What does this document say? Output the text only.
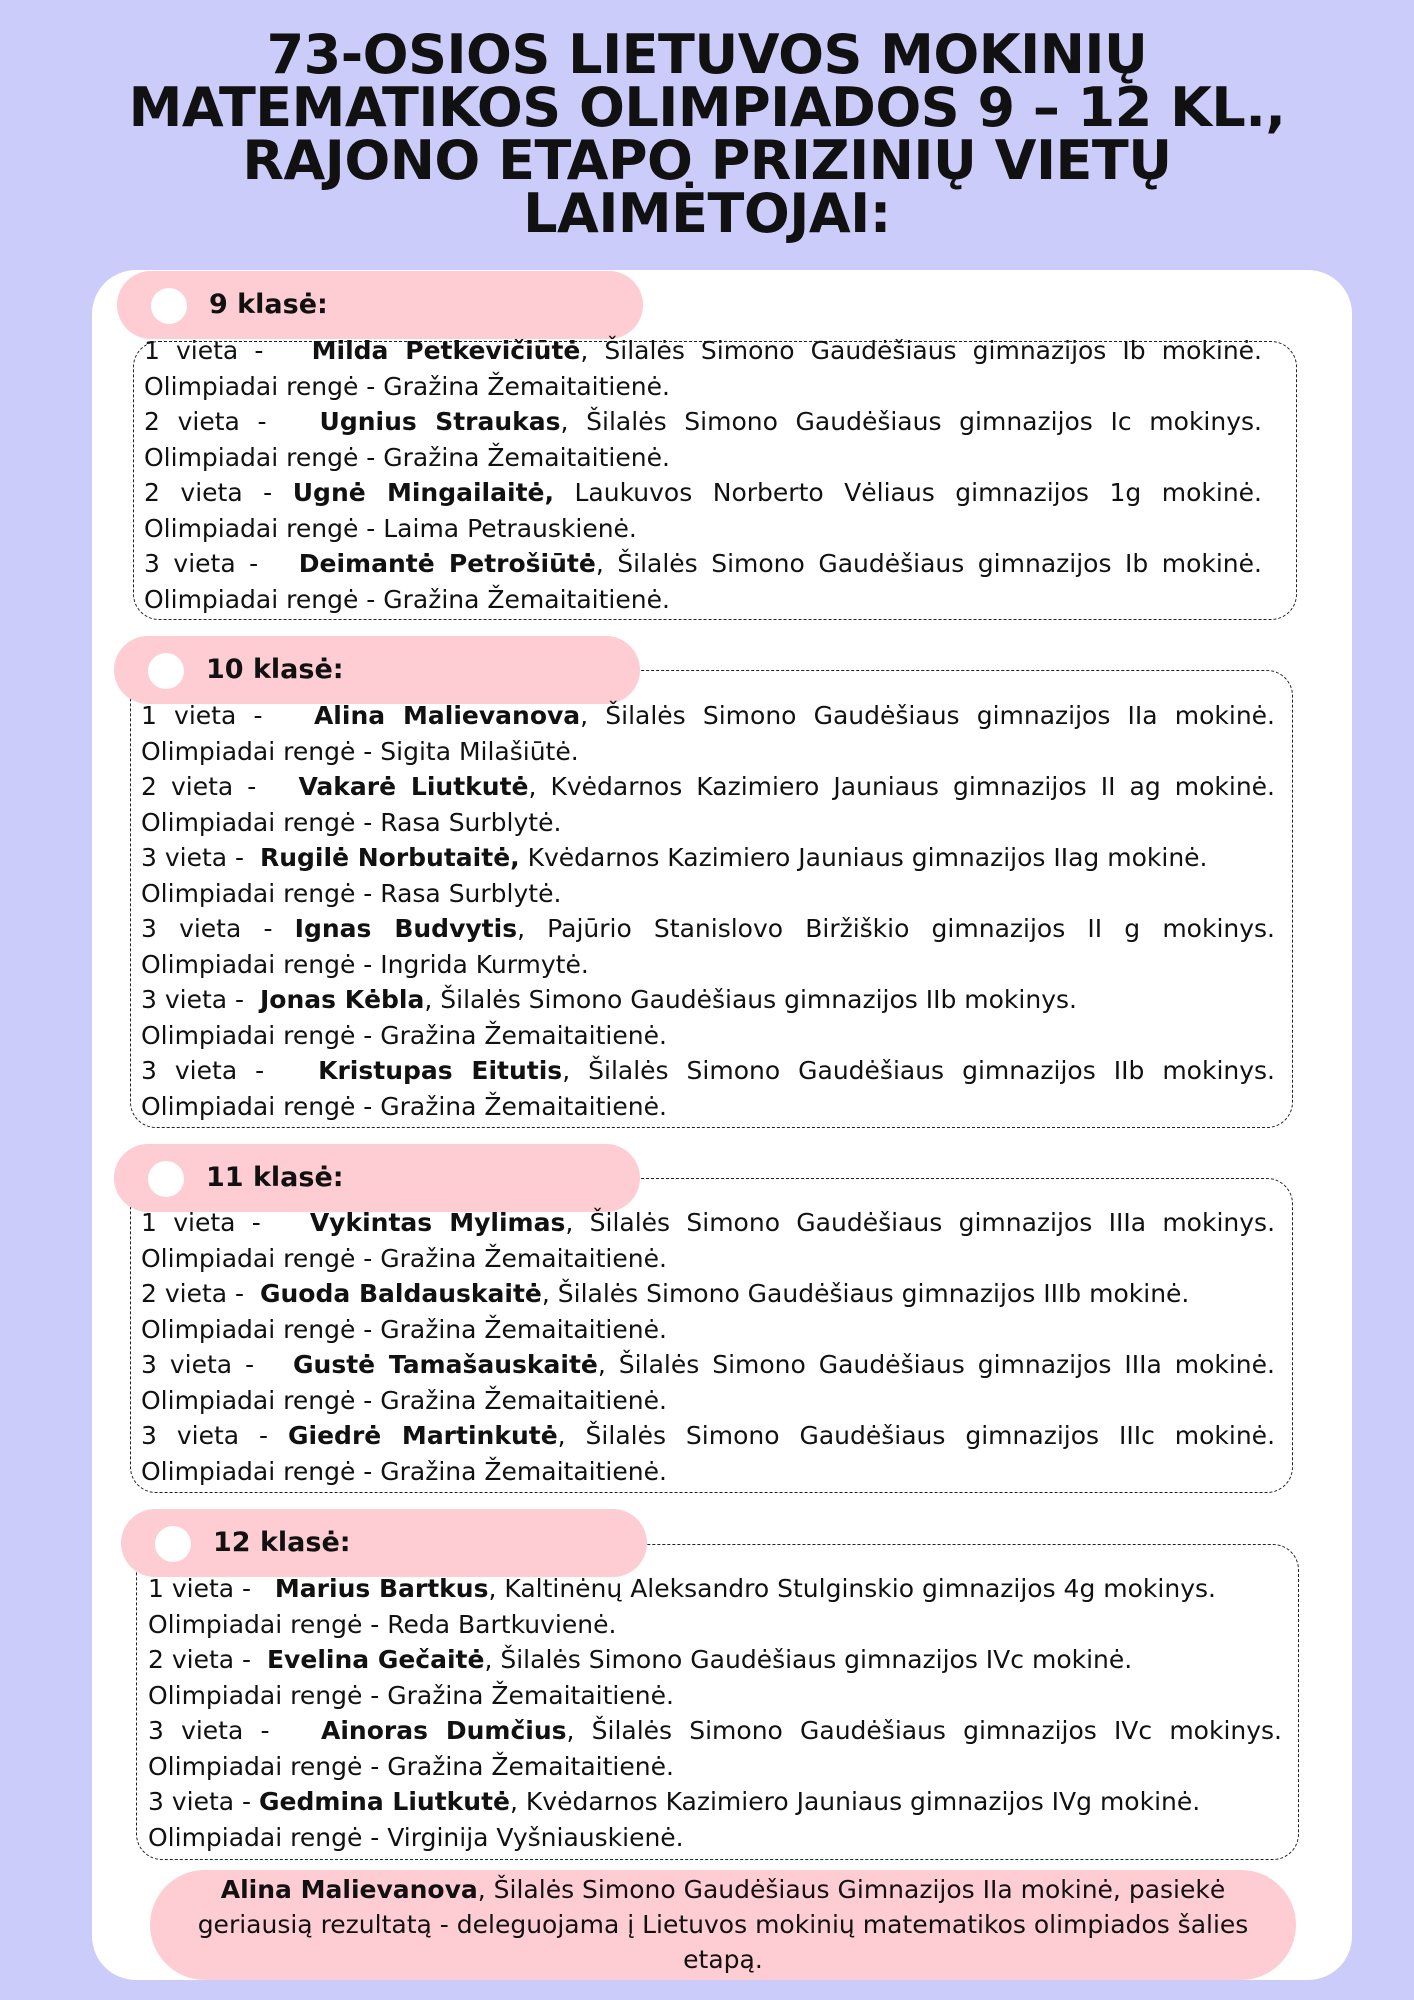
73-OSIOS LIETUVOS MOKINIŲ
MATEMATIKOS OLIMPIADOS 9 – 12 KL.,
RAJONO ETAPO PRIZINIŲ VIETŲ
LAIMĖTOJAI:
9 klasė:
1 vieta - Milda Petkevičiūtė, Šilalės Simono Gaudėšiaus gimnazijos Ib mokinė.
Olimpiadai rengė - Gražina Žemaitaitienė.
2 vieta - Ugnius Straukas, Šilalės Simono Gaudėšiaus gimnazijos Ic mokinys.
Olimpiadai rengė - Gražina Žemaitaitienė.
2 vieta - Ugnė Mingailaitė, Laukuvos Norberto Vėliaus gimnazijos 1g mokinė.
Olimpiadai rengė - Laima Petrauskienė.
3 vieta - Deimantė Petrošiūtė, Šilalės Simono Gaudėšiaus gimnazijos Ib mokinė.
Olimpiadai rengė - Gražina Žemaitaitienė.
10 klasė:
1 vieta - Alina Malievanova, Šilalės Simono Gaudėšiaus gimnazijos IIa mokinė.
Olimpiadai rengė - Sigita Milašiūtė.
2 vieta - Vakarė Liutkutė, Kvėdarnos Kazimiero Jauniaus gimnazijos II ag mokinė.
Olimpiadai rengė - Rasa Surblytė.
3 vieta - Rugilė Norbutaitė, Kvėdarnos Kazimiero Jauniaus gimnazijos IIag mokinė.
Olimpiadai rengė - Rasa Surblytė.
3 vieta - Ignas Budvytis, Pajūrio Stanislovo Biržiškio gimnazijos II g mokinys.
Olimpiadai rengė - Ingrida Kurmytė.
3 vieta - Jonas Kėbla, Šilalės Simono Gaudėšiaus gimnazijos IIb mokinys.
Olimpiadai rengė - Gražina Žemaitaitienė.
3 vieta - Kristupas Eitutis, Šilalės Simono Gaudėšiaus gimnazijos IIb mokinys.
Olimpiadai rengė - Gražina Žemaitaitienė.
11 klasė:
1 vieta - Vykintas Mylimas, Šilalės Simono Gaudėšiaus gimnazijos IIIa mokinys.
Olimpiadai rengė - Gražina Žemaitaitienė.
2 vieta - Guoda Baldauskaitė, Šilalės Simono Gaudėšiaus gimnazijos IIIb mokinė.
Olimpiadai rengė - Gražina Žemaitaitienė.
3 vieta - Gustė Tamašauskaitė, Šilalės Simono Gaudėšiaus gimnazijos IIIa mokinė.
Olimpiadai rengė - Gražina Žemaitaitienė.
3 vieta - Giedrė Martinkutė, Šilalės Simono Gaudėšiaus gimnazijos IIIc mokinė.
Olimpiadai rengė - Gražina Žemaitaitienė.
12 klasė:
1 vieta - Marius Bartkus, Kaltinėnų Aleksandro Stulginskio gimnazijos 4g mokinys.
Olimpiadai rengė - Reda Bartkuvienė.
2 vieta - Evelina Gečaitė, Šilalės Simono Gaudėšiaus gimnazijos IVc mokinė.
Olimpiadai rengė - Gražina Žemaitaitienė.
3 vieta - Ainoras Dumčius, Šilalės Simono Gaudėšiaus gimnazijos IVc mokinys.
Olimpiadai rengė - Gražina Žemaitaitienė.
3 vieta - Gedmina Liutkutė, Kvėdarnos Kazimiero Jauniaus gimnazijos IVg mokinė.
Olimpiadai rengė - Virginija Vyšniauskienė.
Alina Malievanova, Šilalės Simono Gaudėšiaus Gimnazijos IIa mokinė, pasiekė geriausią rezultatą - deleguojama į Lietuvos mokinių matematikos olimpiados šalies etapą.
